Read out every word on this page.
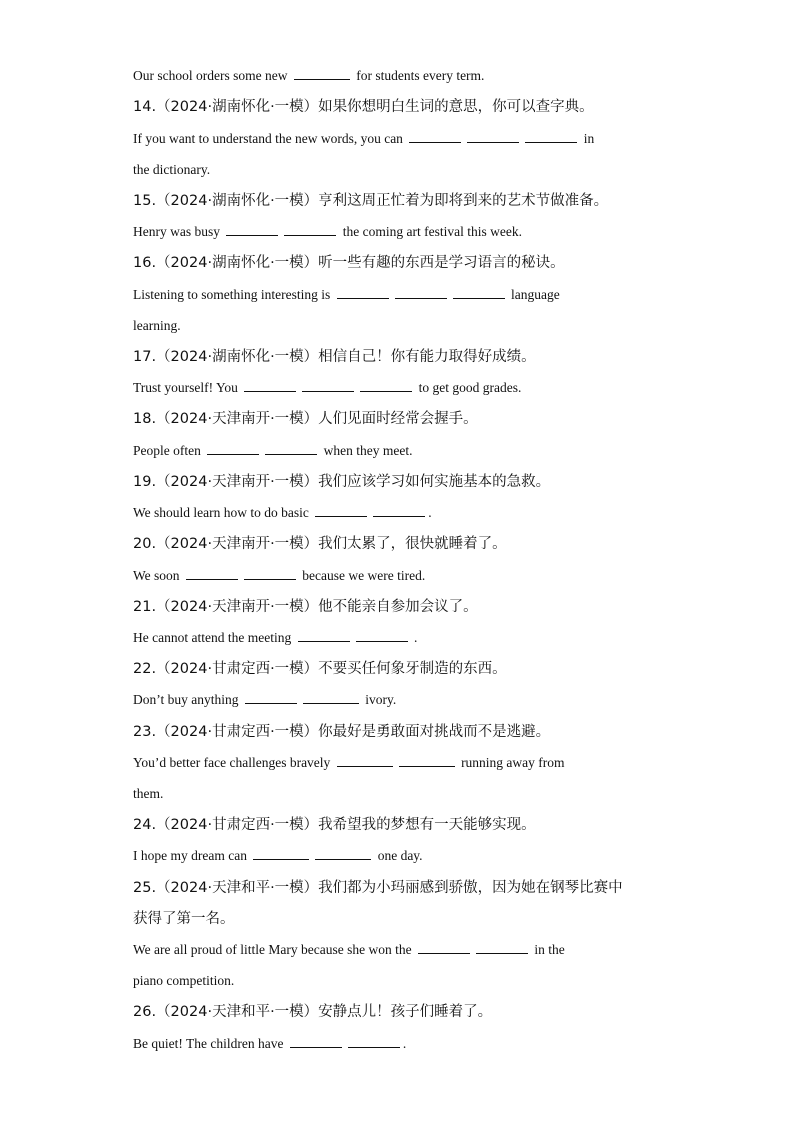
Our school orders some new	for students every term.
14.（2024·湖南怀化·一模）如果你想明白生词的意思，你可以查字典。
If you want to understand the new words, you can	in
the dictionary.
15.（2024·湖南怀化·一模）亨利这周正忙着为即将到来的艺术节做准备。
Henry was busy	the coming art festival this week.
16.（2024·湖南怀化·一模）听一些有趣的东西是学习语言的秘诀。
Listening to something interesting is	language
learning.
17.（2024·湖南怀化·一模）相信自己！你有能力取得好成绩。
Trust yourself! You	to get good grades.
18.（2024·天津南开·一模）人们见面时经常会握手。
People often	when they meet.
19.（2024·天津南开·一模）我们应该学习如何实施基本的急救。
We should learn how to do basic	.
20.（2024·天津南开·一模）我们太累了，很快就睡着了。
We soon	because we were tired.
21.（2024·天津南开·一模）他不能亲自参加会议了。
He cannot attend the meeting	.
22.（2024·甘肃定西·一模）不要买任何象牙制造的东西。
Don’t buy anything	ivory.
23.（2024·甘肃定西·一模）你最好是勇敢面对挑战而不是逃避。
You’d better face challenges bravely	running away from
them.
24.（2024·甘肃定西·一模）我希望我的梦想有一天能够实现。
I hope my dream can	one day.
25.（2024·天津和平·一模）我们都为小玛丽感到骄傲，因为她在钢琴比赛中
获得了第一名。
We are all proud of little Mary because she won the	in the
piano competition.
26.（2024·天津和平·一模）安静点儿！孩子们睡着了。
Be quiet! The children have	.
